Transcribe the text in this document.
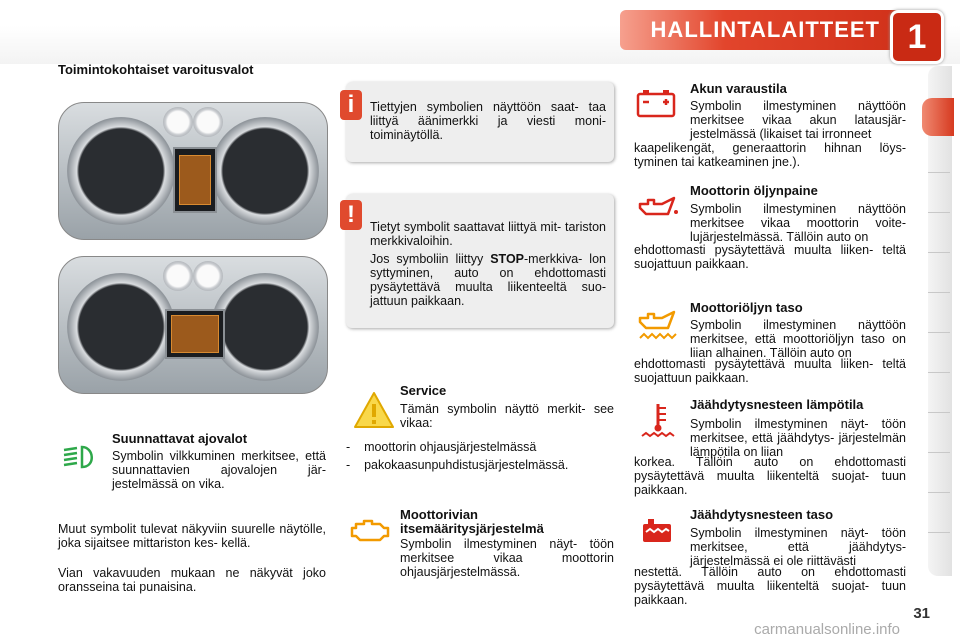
HALLINTALAITTEET 1
Toimintokohtaiset varoitusvalot
Suunnattavat ajovalot
Symbolin vilkkuminen merkitsee, että suunnattavien ajovalojen jär- jestelmässä on vika.
Muut symbolit tulevat näkyviin suurelle näytölle, joka sijaitsee mittariston kes- kellä.
Vian vakavuuden mukaan ne näkyvät joko oransseina tai punaisina.
i	Tiettyjen symbolien näyttöön saat- taa liittyä äänimerkki ja viesti moni- toiminäytöllä.
!	Tietyt symbolit saattavat liittyä mit- tariston merkkivaloihin.

Jos symboliin liittyy STOP-merkkiva- lon syttyminen, auto on ehdottomasti pysäytettävä muulta liikenteeltä suo- jattuun paikkaan.

Service
Tämän symbolin näyttö merkit- see vikaa:
-    moottorin ohjausjärjestelmässä
-    pakokaasunpuhdistusjärjestelmässä.
Moottorivian
itsemääritysjärjestelmä
Symbolin ilmestyminen näyt- töön merkitsee vikaa moottorin ohjausjärjestelmässä.
Akun varaustila
Symbolin ilmestyminen näyttöön merkitsee vikaa akun latausjär- jestelmässä (likaiset tai irronneet
kaapelikengät, generaattorin hihnan löys- tyminen tai katkeaminen jne.).
Moottorin öljynpaine
Symbolin ilmestyminen näyttöön merkitsee vikaa moottorin voite- lujärjestelmässä. Tällöin auto on
ehdottomasti pysäytettävä muulta liiken- teltä suojattuun paikkaan.
Moottoriöljyn taso
Symbolin ilmestyminen näyttöön merkitsee, että moottoriöljyn taso on liian alhainen. Tällöin auto on
ehdottomasti pysäytettävä muulta liiken- teltä suojattuun paikkaan.
Jäähdytysnesteen lämpötila
Symbolin ilmestyminen näyt- töön merkitsee, että jäähdytys- järjestelmän lämpötila on liian
korkea. Tällöin auto on ehdottomasti pysäytettävä muulta liikenteltä suojat- tuun paikkaan.
Jäähdytysnesteen taso
Symbolin ilmestyminen näyt- töön merkitsee, että jäähdytys- järjestelmässä ei ole riittävästi
nestettä. Tällöin auto on ehdottomasti pysäytettävä muulta liikenteltä suojat- tuun paikkaan.
carmanualsonline.info
31
